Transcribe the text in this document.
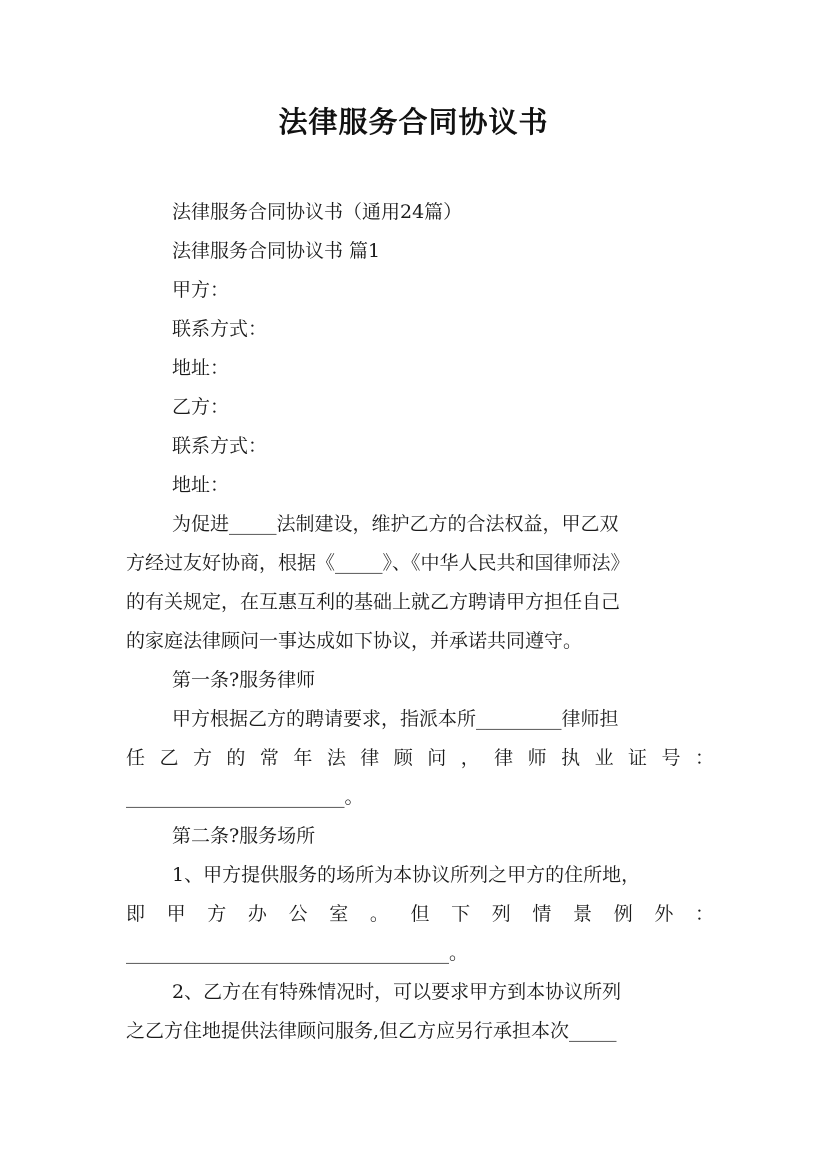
法律服务合同协议书
法律服务合同协议书（通用24篇）
法律服务合同协议书 篇1
甲方：
联系方式：
地址：
乙方：
联系方式：
地址：
为促进_____法制建设，维护乙方的合法权益，甲乙双
方经过友好协商，根据《_____》、《中华人民共和国律师法》
的有关规定，在互惠互利的基础上就乙方聘请甲方担任自己
的家庭法律顾问一事达成如下协议，并承诺共同遵守。
第一条?服务律师
甲方根据乙方的聘请要求，指派本所_________律师担
任 乙 方 的 常 年 法 律 顾 问 ， 律 师 执 业 证 号 ：
_______________________。
第二条?服务场所
1、甲方提供服务的场所为本协议所列之甲方的住所地，
即 甲 方 办 公 室 。 但 下 列 情 景 例 外 ：
__________________________________。
2、乙方在有特殊情况时，可以要求甲方到本协议所列
之乙方住地提供法律顾问服务,但乙方应另行承担本次_____
